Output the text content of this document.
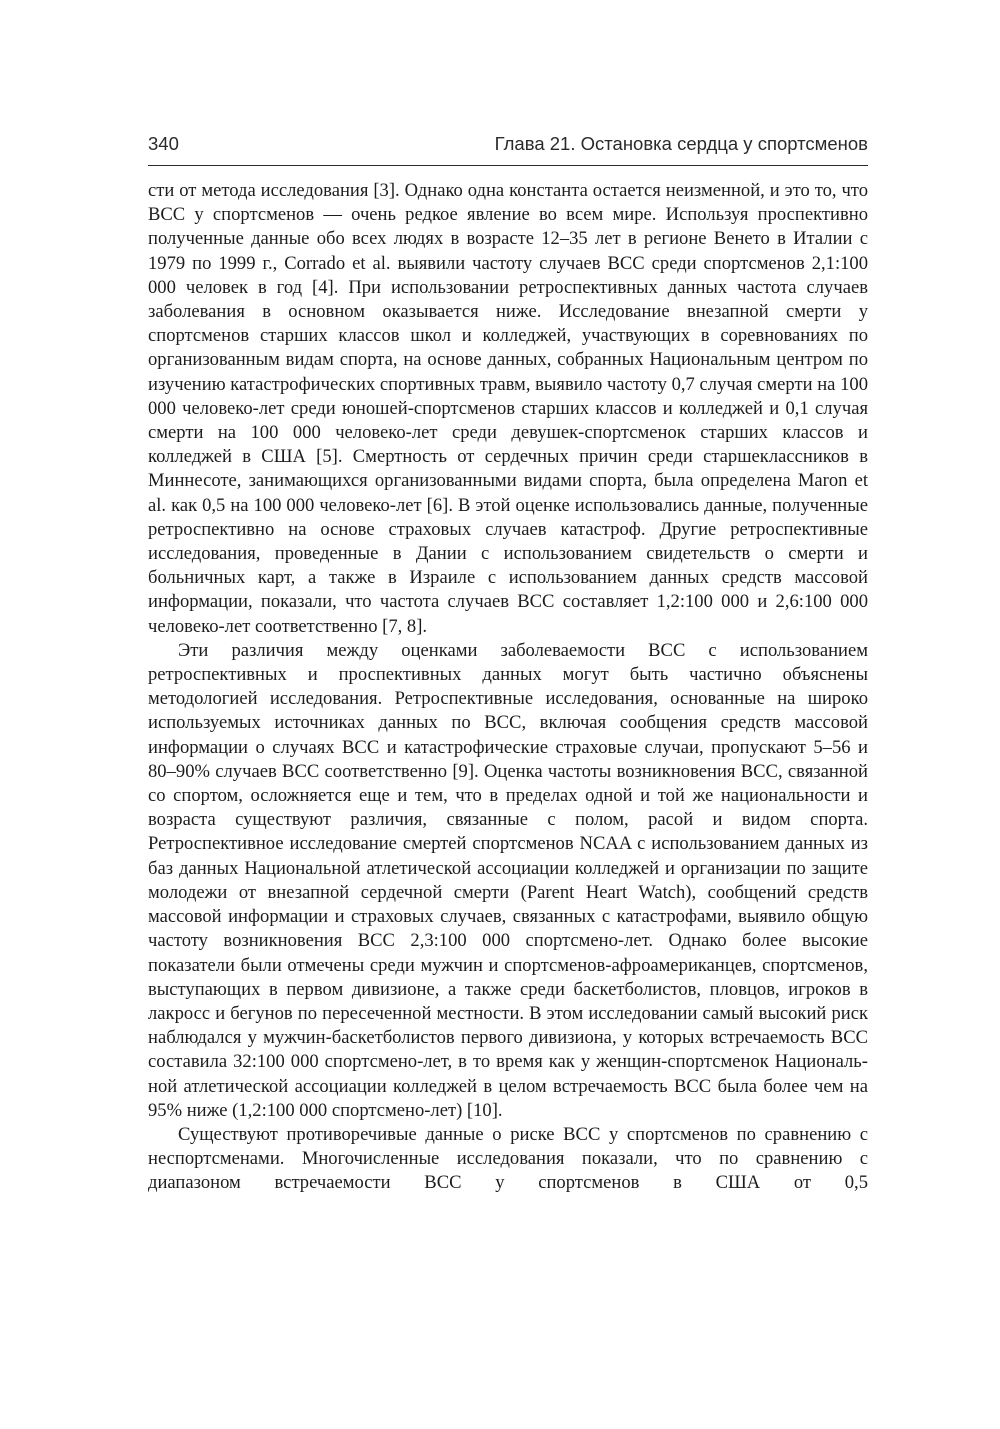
340	Глава 21. Остановка сердца у спортсменов

сти от метода исследования [3]. Однако одна константа остается неизменной, и это то, что ВСС у спортсменов — очень редкое явление во всем мире. Используя проспективно полученные данные обо всех людях в возрасте 12–35 лет в регионе Венето в Италии с 1979 по 1999 г., Corrado et al. выявили частоту случаев ВСС среди спортсменов 2,1:100 000 человек в год [4]. При использовании ретроспективных данных частота случаев заболевания в основном оказывается ниже. Исследование внезапной смерти у спортсменов старших классов школ и колледжей, участвующих в соревнованиях по организованным видам спорта, на основе данных, собранных Национальным центром по изучению катастрофических спортивных травм, выявило частоту 0,7 случая смерти на 100 000 человеко-лет среди юношей-спортсменов старших классов и колледжей и 0,1 случая смерти на 100 000 человеко-лет среди девушек-спортсменок старших классов и колледжей в США [5]. Смертность от сердечных причин среди старшеклассников в Миннесоте, занимающихся организованными видами спорта, была определена Maron et al. как 0,5 на 100 000 человеко-лет [6]. В этой оценке использовались данные, полученные ретроспективно на основе страховых случаев катастроф. Другие ретроспективные исследования, проведенные в Дании с использованием свидетельств о смерти и больничных карт, а также в Израиле с использованием данных средств массовой информации, показали, что частота случаев ВСС составляет 1,2:100 000 и 2,6:100 000 человеко-лет соответственно [7, 8].

Эти различия между оценками заболеваемости ВСС с использованием ретроспективных и проспективных данных могут быть частично объяснены методологией исследования. Ретроспективные исследования, основанные на широко используемых источниках данных по ВСС, включая сообщения средств массовой информации о случаях ВСС и катастрофические страховые случаи, пропускают 5–56 и 80–90% случаев ВСС соответственно [9]. Оценка частоты возникновения ВСС, связанной со спортом, осложняется еще и тем, что в пределах одной и той же национальности и возраста существуют различия, связанные с полом, расой и видом спорта. Ретроспективное исследование смертей спортсменов NCAA с использованием данных из баз данных Национальной атлетической ассоциации колледжей и организации по защите молодежи от внезапной сердечной смерти (Parent Heart Watch), сообщений средств массовой информации и страховых случаев, связанных с катастрофами, выявило общую частоту возникновения ВСС 2,3:100 000 спортсмено-лет. Однако более высокие показатели были отмечены среди мужчин и спортсменов-афроамериканцев, спортсменов, выступающих в первом дивизионе, а также среди баскетболистов, пловцов, игроков в лакросс и бегунов по пересеченной местности. В этом исследовании самый высокий риск наблюдался у мужчин-баскетболистов первого дивизиона, у которых встречаемость ВСС составила 32:100 000 спортсмено-лет, в то время как у женщин-спортсменок Национальной атлетической ассоциации колледжей в целом встречаемость ВСС была более чем на 95% ниже (1,2:100 000 спортсмено-лет) [10].

Существуют противоречивые данные о риске ВСС у спортсменов по сравнению с неспортсменами. Многочисленные исследования показали, что по сравнению с диапазоном встречаемости ВСС у спортсменов в США от 0,5
